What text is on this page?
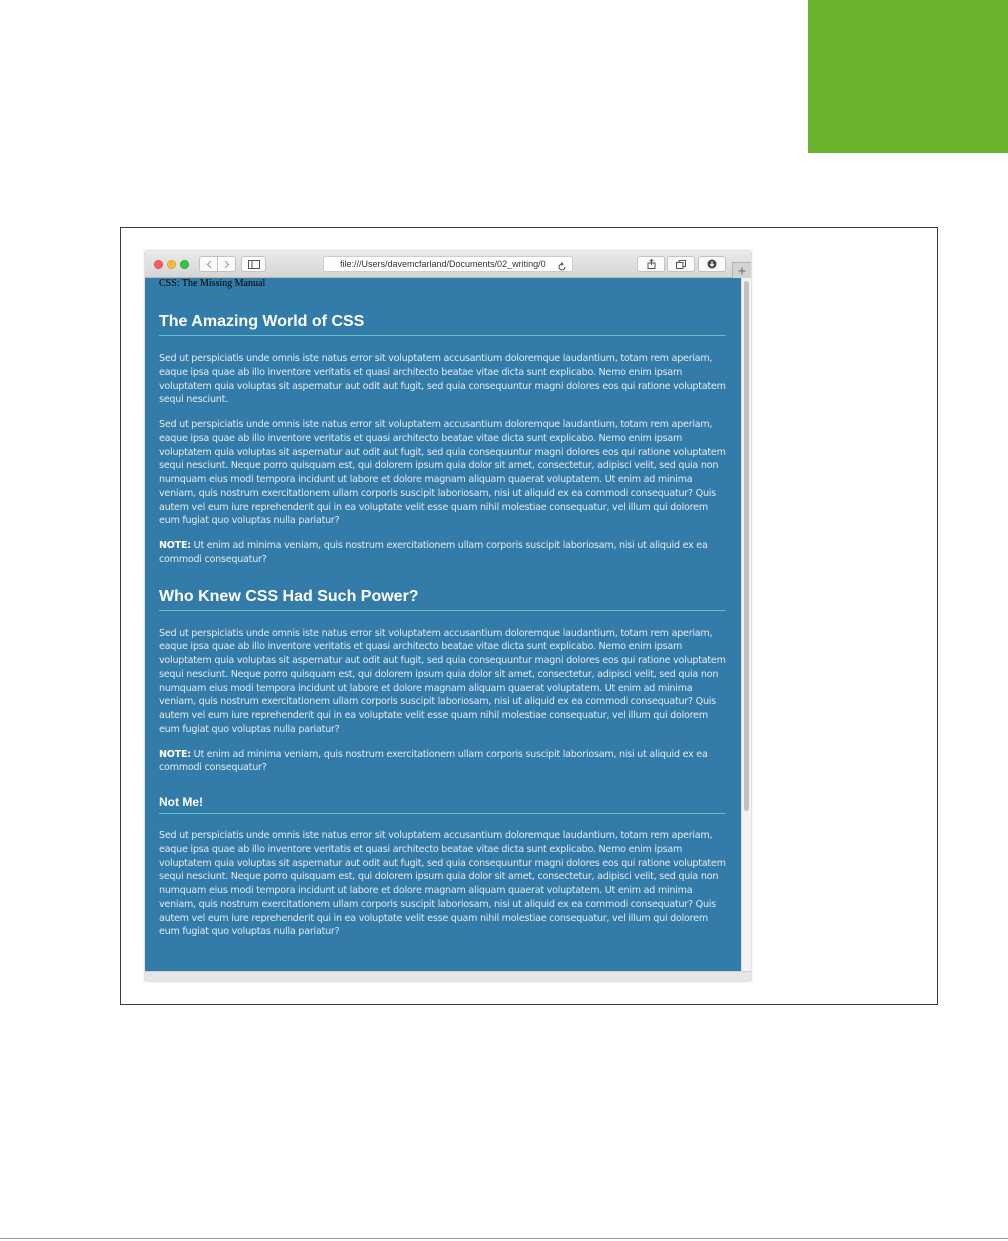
file:///Users/davemcfarland/Documents/02_writing/0
CSS: The Missing Manual
The Amazing World of CSS

Sed ut perspiciatis unde omnis iste natus error sit voluptatem accusantium doloremque laudantium, totam rem aperiam, eaque ipsa quae ab illo inventore veritatis et quasi architecto beatae vitae dicta sunt explicabo. Nemo enim ipsam voluptatem quia voluptas sit aspernatur aut odit aut fugit, sed quia consequuntur magni dolores eos qui ratione voluptatem sequi nesciunt.

Sed ut perspiciatis unde omnis iste natus error sit voluptatem accusantium doloremque laudantium, totam rem aperiam, eaque ipsa quae ab illo inventore veritatis et quasi architecto beatae vitae dicta sunt explicabo. Nemo enim ipsam voluptatem quia voluptas sit aspernatur aut odit aut fugit, sed quia consequuntur magni dolores eos qui ratione voluptatem sequi nesciunt. Neque porro quisquam est, qui dolorem ipsum quia dolor sit amet, consectetur, adipisci velit, sed quia non numquam eius modi tempora incidunt ut labore et dolore magnam aliquam quaerat voluptatem. Ut enim ad minima veniam, quis nostrum exercitationem ullam corporis suscipit laboriosam, nisi ut aliquid ex ea commodi consequatur? Quis autem vel eum iure reprehenderit qui in ea voluptate velit esse quam nihil molestiae consequatur, vel illum qui dolorem eum fugiat quo voluptas nulla pariatur?

NOTE: Ut enim ad minima veniam, quis nostrum exercitationem ullam corporis suscipit laboriosam, nisi ut aliquid ex ea commodi consequatur?

Who Knew CSS Had Such Power?

Sed ut perspiciatis unde omnis iste natus error sit voluptatem accusantium doloremque laudantium, totam rem aperiam, eaque ipsa quae ab illo inventore veritatis et quasi architecto beatae vitae dicta sunt explicabo. Nemo enim ipsam voluptatem quia voluptas sit aspernatur aut odit aut fugit, sed quia consequuntur magni dolores eos qui ratione voluptatem sequi nesciunt. Neque porro quisquam est, qui dolorem ipsum quia dolor sit amet, consectetur, adipisci velit, sed quia non numquam eius modi tempora incidunt ut labore et dolore magnam aliquam quaerat voluptatem. Ut enim ad minima veniam, quis nostrum exercitationem ullam corporis suscipit laboriosam, nisi ut aliquid ex ea commodi consequatur? Quis autem vel eum iure reprehenderit qui in ea voluptate velit esse quam nihil molestiae consequatur, vel illum qui dolorem eum fugiat quo voluptas nulla pariatur?

NOTE: Ut enim ad minima veniam, quis nostrum exercitationem ullam corporis suscipit laboriosam, nisi ut aliquid ex ea commodi consequatur?

Not Me!

Sed ut perspiciatis unde omnis iste natus error sit voluptatem accusantium doloremque laudantium, totam rem aperiam, eaque ipsa quae ab illo inventore veritatis et quasi architecto beatae vitae dicta sunt explicabo. Nemo enim ipsam voluptatem quia voluptas sit aspernatur aut odit aut fugit, sed quia consequuntur magni dolores eos qui ratione voluptatem sequi nesciunt. Neque porro quisquam est, qui dolorem ipsum quia dolor sit amet, consectetur, adipisci velit, sed quia non numquam eius modi tempora incidunt ut labore et dolore magnam aliquam quaerat voluptatem. Ut enim ad minima veniam, quis nostrum exercitationem ullam corporis suscipit laboriosam, nisi ut aliquid ex ea commodi consequatur? Quis autem vel eum iure reprehenderit qui in ea voluptate velit esse quam nihil molestiae consequatur, vel illum qui dolorem eum fugiat quo voluptas nulla pariatur?
